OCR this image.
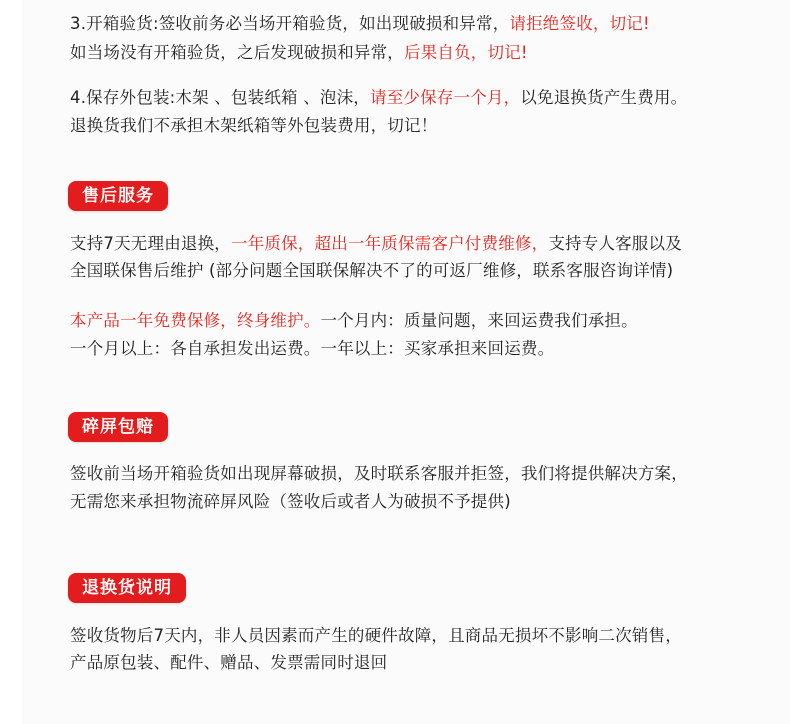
3.开箱验货:签收前务必当场开箱验货，如出现破损和异常，请拒绝签收，切记!
如当场没有开箱验货，之后发现破损和异常，后果自负，切记!
4.保存外包装:木架 、包装纸箱 、泡沫，请至少保存一个月，以免退换货产生费用。
退换货我们不承担木架纸箱等外包装费用，切记！
售后服务
支持7天无理由退换，一年质保，超出一年质保需客户付费维修，支持专人客服以及
全国联保售后维护 (部分问题全国联保解决不了的可返厂维修，联系客服咨询详情)
本产品一年免费保修，终身维护。一个月内：质量问题，来回运费我们承担。
一个月以上：各自承担发出运费。一年以上：买家承担来回运费。
碎屏包赔
签收前当场开箱验货如出现屏幕破损，及时联系客服并拒签，我们将提供解决方案，
无需您来承担物流碎屏风险（签收后或者人为破损不予提供)
退换货说明
签收货物后7天内，非人员因素而产生的硬件故障，且商品无损坏不影响二次销售，
产品原包装、配件、赠品、发票需同时退回
